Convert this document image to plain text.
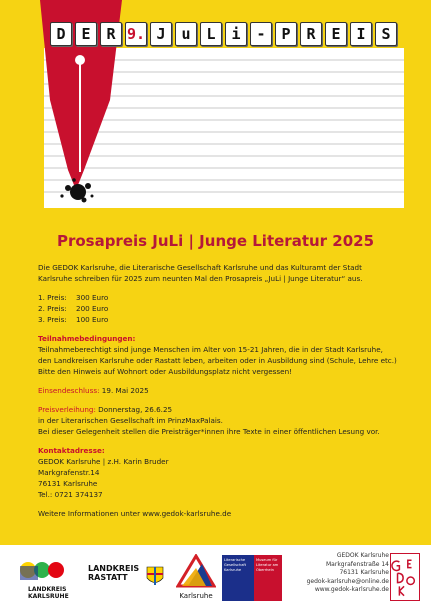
D	E	R 9. J	u	L	i	-	P	R	E	I	S
Prosapreis JuLi | Junge Literatur 2025

Die GEDOK Karlsruhe, die Literarische Gesellschaft Karlsruhe und das Kulturamt der Stadt Karlsruhe schreiben für 2025 zum neunten Mal den Prosapreis „JuLi | Junge Literatur“ aus.

1. Preis:	300 Euro
2. Preis:	200 Euro
3. Preis:	100 Euro

Teilnahmebedingungen:
Teilnahmeberechtigt sind junge Menschen im Alter von 15-21 Jahren, die in der Stadt Karlsruhe, den Landkreisen Karlsruhe oder Rastatt leben, arbeiten oder in Ausbildung sind (Schule, Lehre etc.) Bitte den Hinweis auf Wohnort oder Ausbildungsplatz nicht vergessen!

Einsendeschluss: 19. Mai 2025

Preisverleihung: Donnerstag, 26.6.25
in der Literarischen Gesellschaft im PrinzMaxPalais.
Bei dieser Gelegenheit stellen die Preisträger*innen ihre Texte in einer öffentlichen Lesung vor.

Kontaktadresse:
GEDOK Karlsruhe | z.H. Karin Bruder
Markgrafenstr.14
76131 Karlsruhe
Tel.: 0721 374137

Weitere Informationen unter www.gedok-karlsruhe.de

LANDKREIS KARLSRUHE
LANDKREIS RASTATT
Karlsruhe
Literarische Gesellschaft Karlsruhe
Museum für Literatur am Oberrhein
GEDOK Karlsruhe
Markgrafenstraße 14
76131 Karlsruhe
gedok-karlsruhe@online.de
www.gedok-karlsruhe.de
